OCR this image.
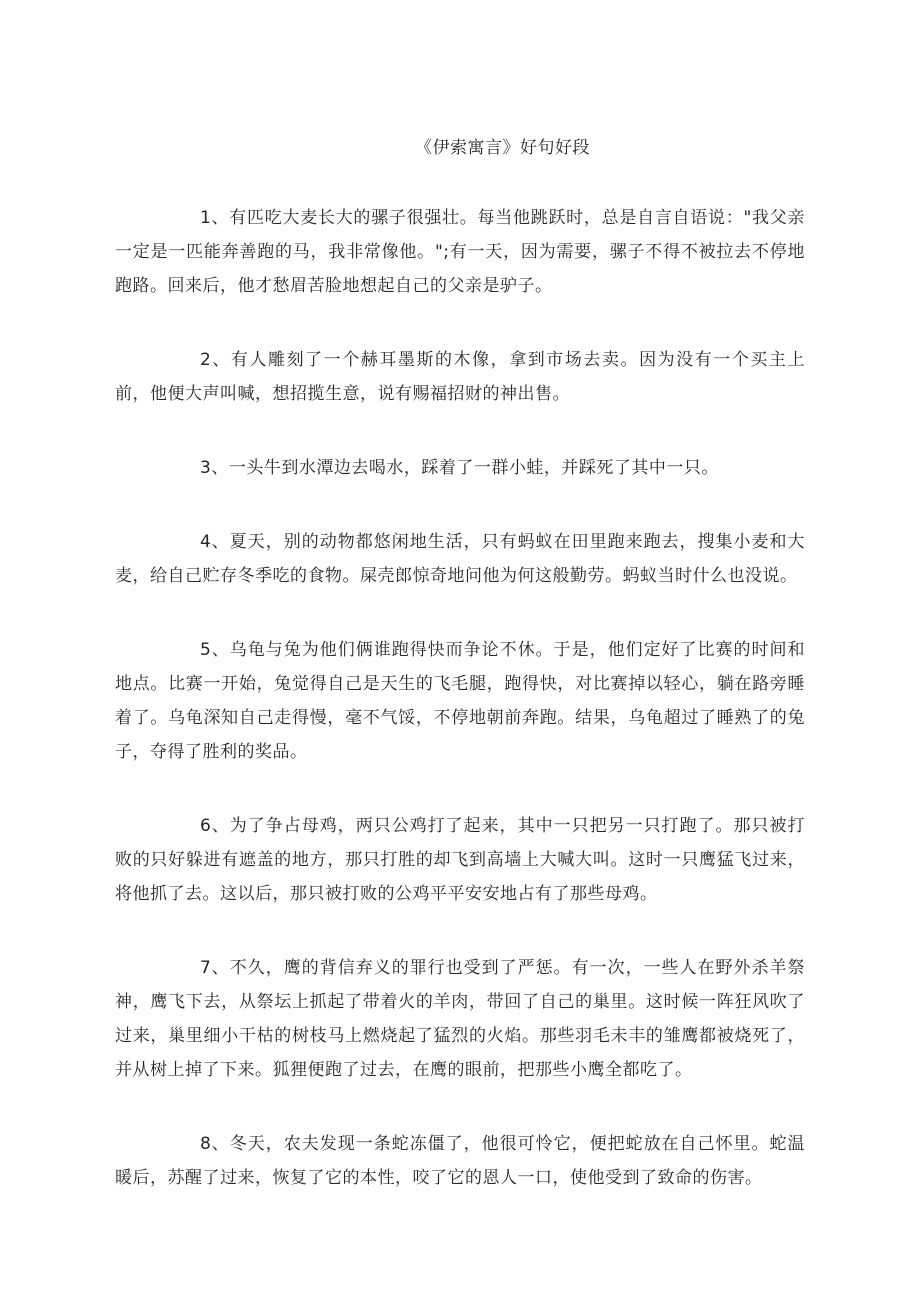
《伊索寓言》好句好段

1、有匹吃大麦长大的骡子很强壮。每当他跳跃时，总是自言自语说："我父亲一定是一匹能奔善跑的马，我非常像他。";有一天，因为需要，骡子不得不被拉去不停地跑路。回来后，他才愁眉苦脸地想起自己的父亲是驴子。

2、有人雕刻了一个赫耳墨斯的木像，拿到市场去卖。因为没有一个买主上前，他便大声叫喊，想招揽生意，说有赐福招财的神出售。

3、一头牛到水潭边去喝水，踩着了一群小蛙，并踩死了其中一只。

4、夏天，别的动物都悠闲地生活，只有蚂蚁在田里跑来跑去，搜集小麦和大麦，给自己贮存冬季吃的食物。屎壳郎惊奇地问他为何这般勤劳。蚂蚁当时什么也没说。

5、乌龟与兔为他们俩谁跑得快而争论不休。于是，他们定好了比赛的时间和地点。比赛一开始，兔觉得自己是天生的飞毛腿，跑得快，对比赛掉以轻心，躺在路旁睡着了。乌龟深知自己走得慢，毫不气馁，不停地朝前奔跑。结果，乌龟超过了睡熟了的兔子，夺得了胜利的奖品。

6、为了争占母鸡，两只公鸡打了起来，其中一只把另一只打跑了。那只被打败的只好躲进有遮盖的地方，那只打胜的却飞到高墙上大喊大叫。这时一只鹰猛飞过来，将他抓了去。这以后，那只被打败的公鸡平平安安地占有了那些母鸡。

7、不久，鹰的背信弃义的罪行也受到了严惩。有一次，一些人在野外杀羊祭神，鹰飞下去，从祭坛上抓起了带着火的羊肉，带回了自己的巢里。这时候一阵狂风吹了过来，巢里细小干枯的树枝马上燃烧起了猛烈的火焰。那些羽毛未丰的雏鹰都被烧死了，并从树上掉了下来。狐狸便跑了过去，在鹰的眼前，把那些小鹰全都吃了。

8、冬天，农夫发现一条蛇冻僵了，他很可怜它，便把蛇放在自己怀里。蛇温暖后，苏醒了过来，恢复了它的本性，咬了它的恩人一口，使他受到了致命的伤害。
